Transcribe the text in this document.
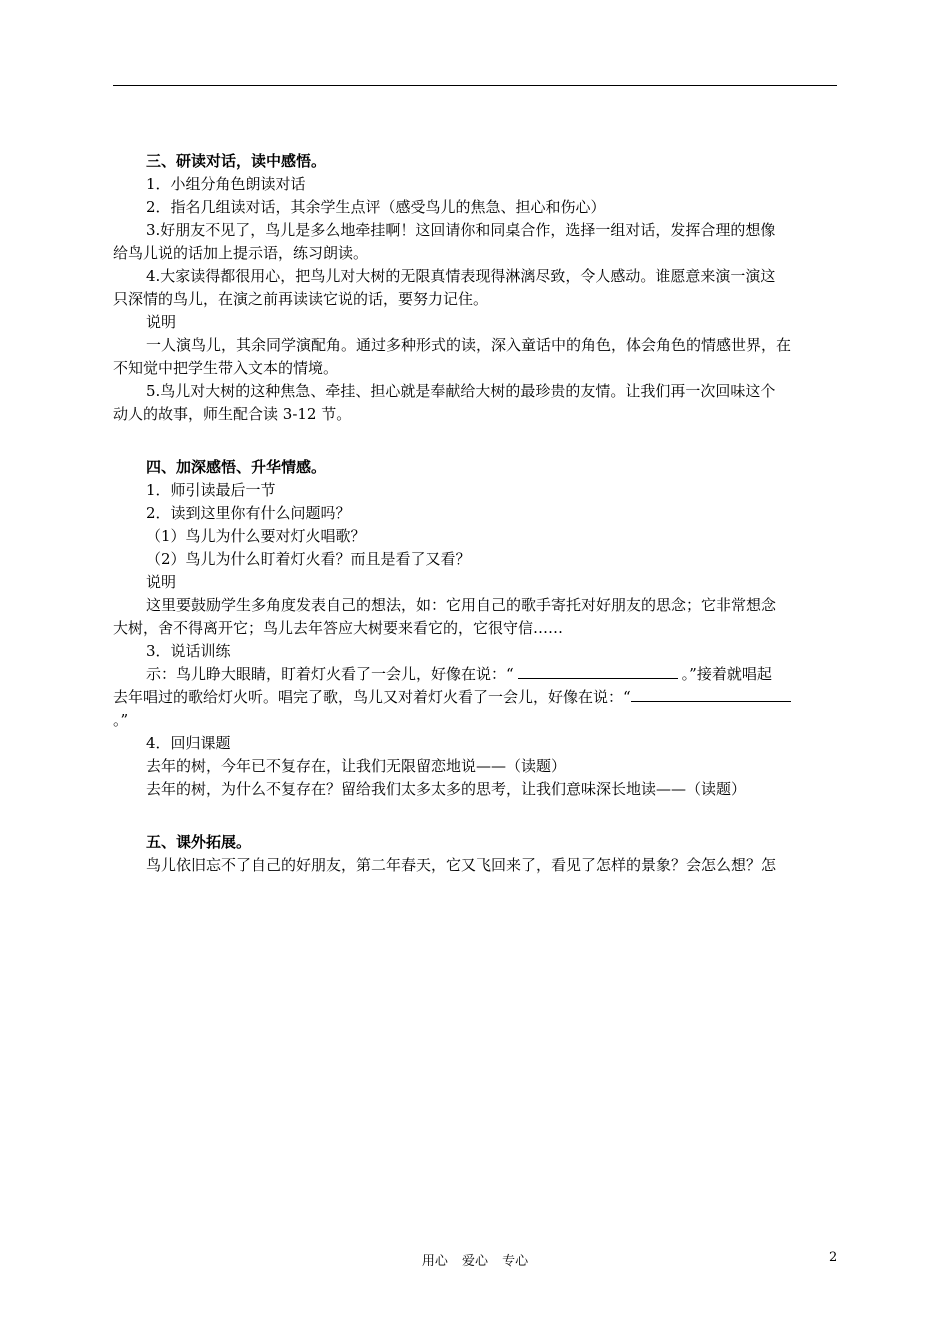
三、研读对话，读中感悟。

1．小组分角色朗读对话

2．指名几组读对话，其余学生点评（感受鸟儿的焦急、担心和伤心）

3.好朋友不见了，鸟儿是多么地牵挂啊！这回请你和同桌合作，选择一组对话，发挥合理的想像

给鸟儿说的话加上提示语，练习朗读。

4.大家读得都很用心，把鸟儿对大树的无限真情表现得淋漓尽致，令人感动。谁愿意来演一演这

只深情的鸟儿，在演之前再读读它说的话，要努力记住。

说明

一人演鸟儿，其余同学演配角。通过多种形式的读，深入童话中的角色，体会角色的情感世界，在

不知觉中把学生带入文本的情境。

5.鸟儿对大树的这种焦急、牵挂、担心就是奉献给大树的最珍贵的友情。让我们再一次回味这个

动人的故事，师生配合读 3-12 节。

四、加深感悟、升华情感。

1．师引读最后一节

2．读到这里你有什么问题吗？

（1）鸟儿为什么要对灯火唱歌？

（2）鸟儿为什么盯着灯火看？而且是看了又看？

说明

这里要鼓励学生多角度发表自己的想法，如：它用自己的歌手寄托对好朋友的思念；它非常想念

大树，舍不得离开它；鸟儿去年答应大树要来看它的，它很守信……

3．说话训练

示：鸟儿睁大眼睛，盯着灯火看了一会儿，好像在说：“	。”接着就唱起

去年唱过的歌给灯火听。唱完了歌，鸟儿又对着灯火看了一会儿，好像在说：“

。”

4．回归课题

去年的树，今年已不复存在，让我们无限留恋地说——（读题）

去年的树，为什么不复存在？留给我们太多太多的思考，让我们意味深长地读——（读题）

五、课外拓展。

鸟儿依旧忘不了自己的好朋友，第二年春天，它又飞回来了，看见了怎样的景象？会怎么想？怎

用心 爱心 专心	2
